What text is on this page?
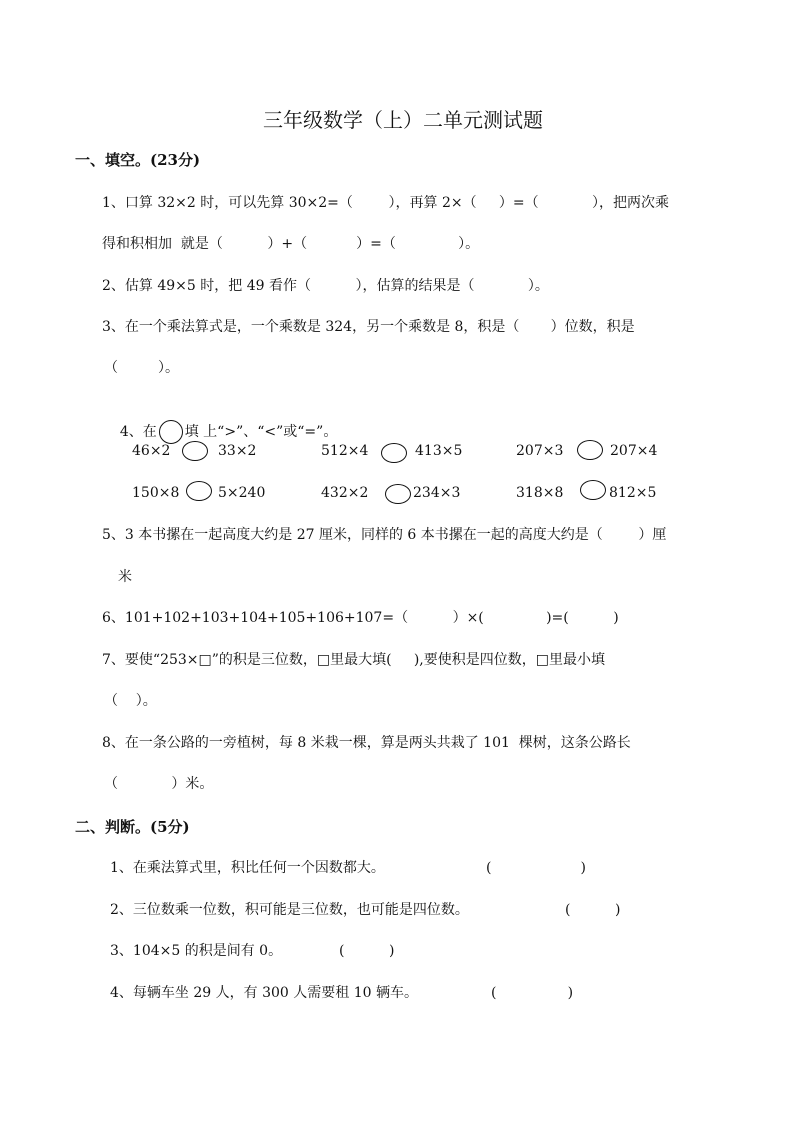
三年级数学（上）二单元测试题
一、填空。(23分)
1、口算 32×2 时，可以先算 30×2=（        ），再算 2×（     ）=（            ），把两次乘
得和积相加  就是（          ）+（           ）=（              ）。
2、估算 49×5 时，把 49 看作（          ），估算的结果是（            ）。
3、在一个乘法算式是，一个乘数是 324，另一个乘数是 8，积是（       ）位数，积是
（         ）。

4、在 填 上“>”、“<”或“=”。

46×2	33×2	512×4	413×5	207×3	207×4
150×8	5×240	432×2	234×3	318×8	812×5
5、3 本书摞在一起高度大约是 27 厘米，同样的 6 本书摞在一起的高度大约是（        ）厘
米
6、101+102+103+104+105+106+107=（          ）×(              )=(          )
7、要使“253×□”的积是三位数，□里最大填(     ),要使积是四位数，□里最小填
（    ）。
8、在一条公路的一旁植树，每 8 米栽一棵，算是两头共栽了 101  棵树，这条公路长
（            ）米。
二、判断。(5分)
1、在乘法算式里，积比任何一个因数都大。	(                    )
2、三位数乘一位数，积可能是三位数，也可能是四位数。	(          )
3、104×5 的积是间有 0。	(          )
4、每辆车坐 29 人，有 300 人需要租 10 辆车。	(                )
